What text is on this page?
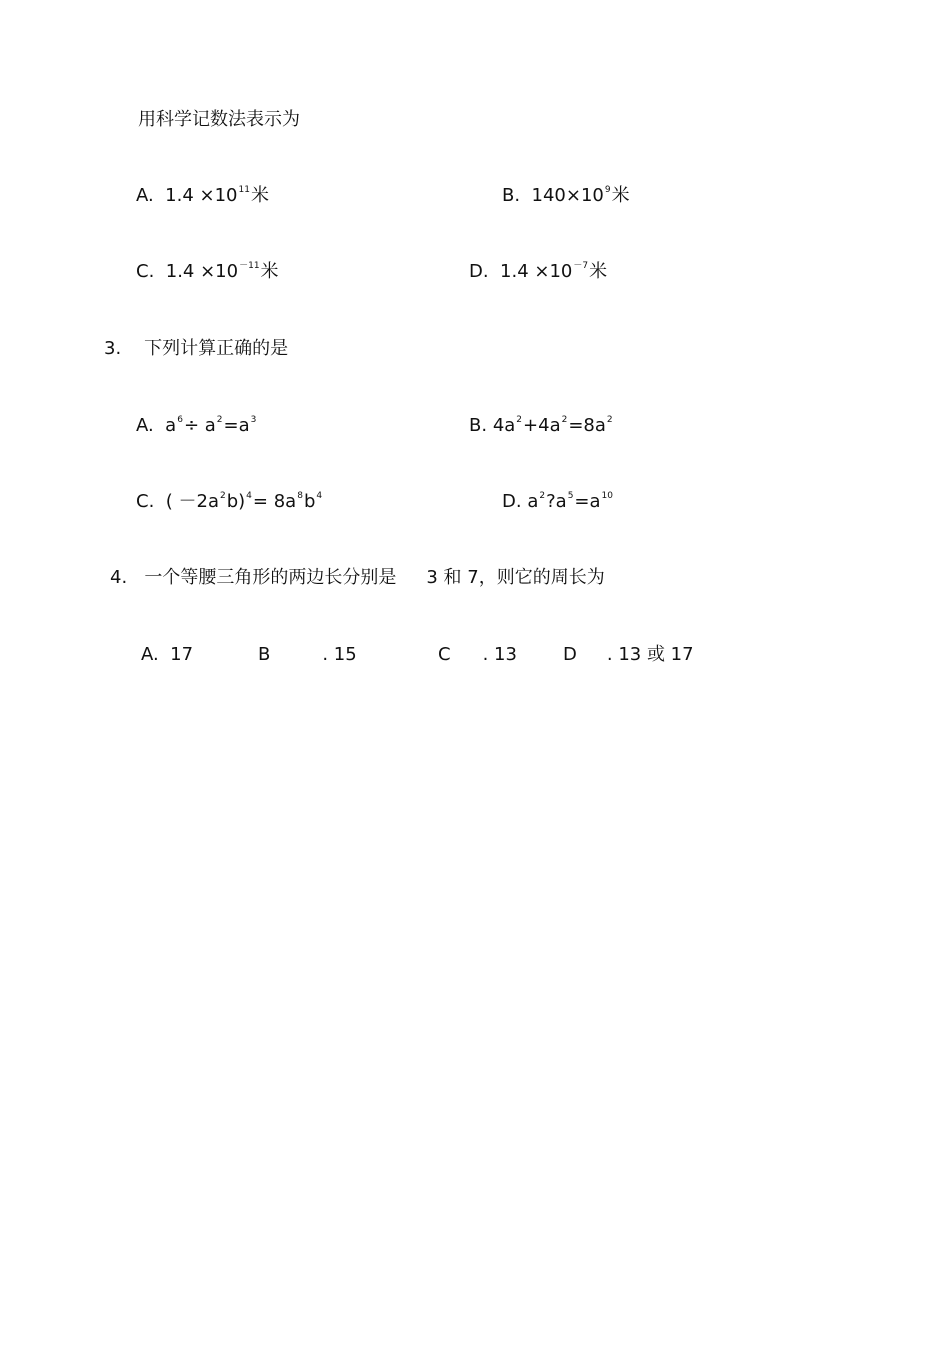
用科学记数法表示为
A. $1.4 \times 10^{11}$米	B. $140\times 10^9$米
C. $1.4 \times 10^{-11}$米	D. $1.4 \times 10^{-7}$米
3. 下列计算正确的是
A. $a^6\div a^2=a^3$	B. $4a^2+4a^2=8a^2$
C. ( $-2a^2b)^4= 8a^8b^4$	D. $a^2?a^5=a^{10}$
4. 一个等腰三角形的两边长分别是 3 和 7，则它的周长为
A. 17	B	. 15	C . 13	D . 13 或 17
